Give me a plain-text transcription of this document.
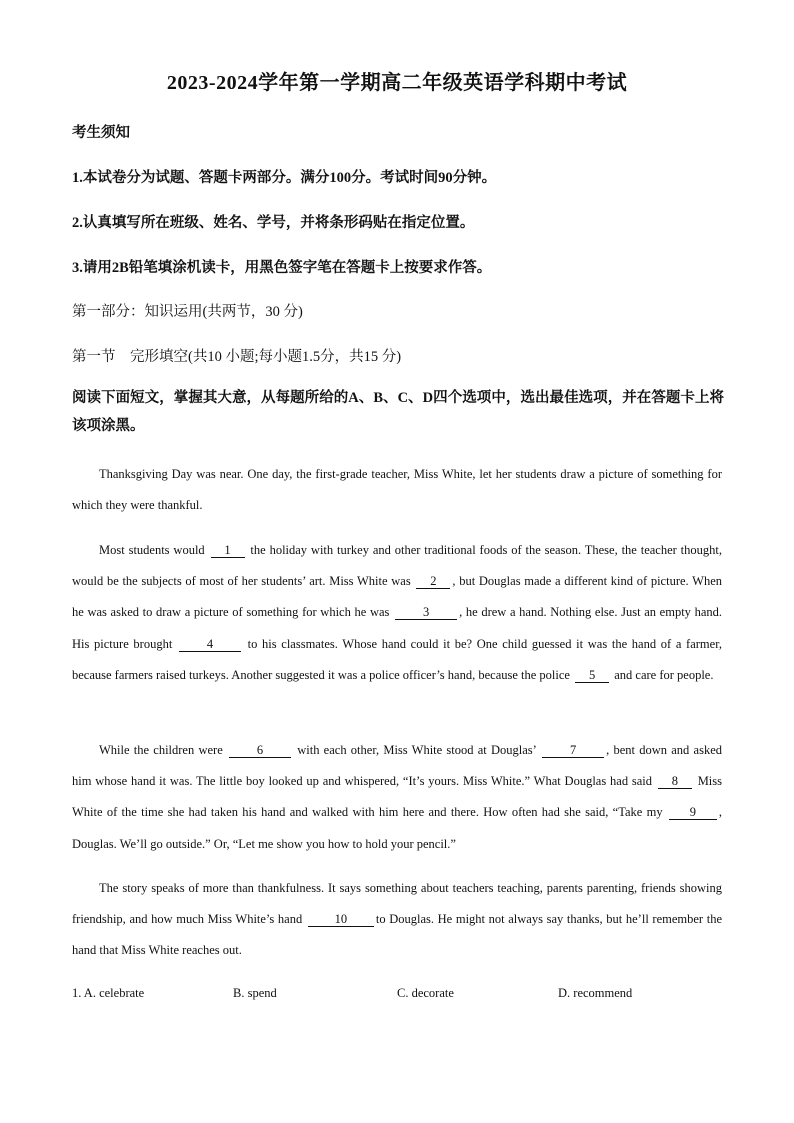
2023-2024学年第一学期高二年级英语学科期中考试
考生须知
1.本试卷分为试题、答题卡两部分。满分100分。考试时间90分钟。
2.认真填写所在班级、姓名、学号，并将条形码贴在指定位置。
3.请用2B铅笔填涂机读卡，用黑色签字笔在答题卡上按要求作答。
第一部分：知识运用(共两节，30 分)
第一节　完形填空(共10 小题;每小题1.5分，共15 分)
阅读下面短文，掌握其大意，从每题所给的A、B、C、D四个选项中，选出最佳选项，并在答题卡上将该项涂黑。

Thanksgiving Day was near. One day, the first-grade teacher, Miss White, let her students draw a picture of something for which they were thankful.

Most students would 1 the holiday with turkey and other traditional foods of the season. These, the teacher thought, would be the subjects of most of her students’ art. Miss White was 2 , but Douglas made a different kind of picture. When he was asked to draw a picture of something for which he was	3 , he drew a hand. Nothing else. Just an empty hand. His picture brought	4	to his classmates. Whose hand could it be? One child guessed it was the hand of a farmer, because farmers raised turkeys. Another suggested it was a police officer’s hand, because the police 5 and care for people.

While the children were	6	with each other, Miss White stood at Douglas’	7 , bent down and asked him whose hand it was. The little boy looked up and whispered, “It’s yours. Miss White.” What Douglas had said 8 Miss White of the time she had taken his hand and walked with him here and there. How often had she said, “Take my 9 , Douglas. We’ll go outside.” Or, “Let me show you how to hold your pencil.”

The story speaks of more than thankfulness. It says something about teachers teaching, parents parenting, friends showing friendship, and how much Miss White’s hand	10 to Douglas. He might not always say thanks, but he’ll remember the hand that Miss White reaches out.

1. A. celebrate	B. spend	C. decorate	D. recommend
